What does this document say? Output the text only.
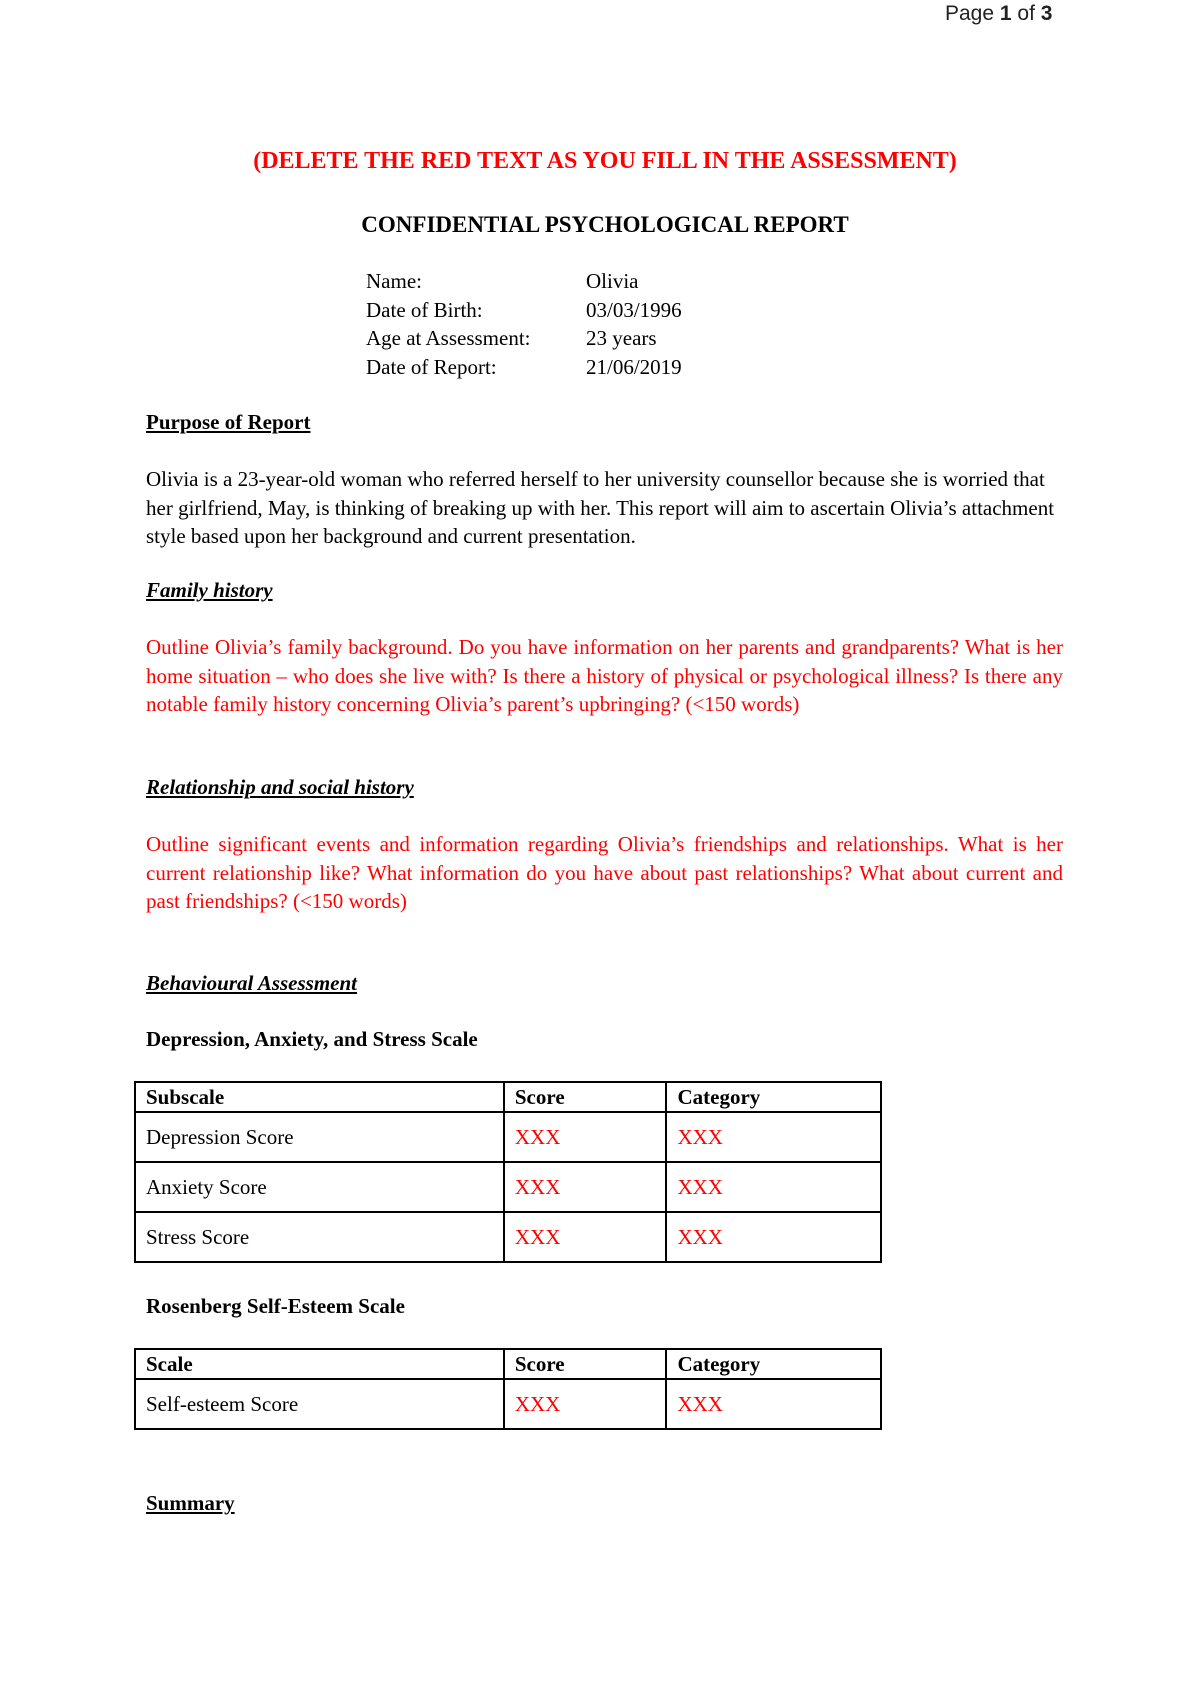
Page 1 of 3
(DELETE THE RED TEXT AS YOU FILL IN THE ASSESSMENT)
CONFIDENTIAL PSYCHOLOGICAL REPORT
Name:	Olivia
Date of Birth:	03/03/1996
Age at Assessment:	23 years
Date of Report:	21/06/2019
Purpose of Report
Olivia is a 23-year-old woman who referred herself to her university counsellor because she is worried that her girlfriend, May, is thinking of breaking up with her. This report will aim to ascertain Olivia’s attachment style based upon her background and current presentation.
Family history
Outline Olivia’s family background. Do you have information on her parents and grandparents? What is her home situation – who does she live with? Is there a history of physical or psychological illness? Is there any notable family history concerning Olivia’s parent’s upbringing? (<150 words)
Relationship and social history
Outline significant events and information regarding Olivia’s friendships and relationships. What is her current relationship like? What information do you have about past relationships? What about current and past friendships? (<150 words)
Behavioural Assessment
Depression, Anxiety, and Stress Scale
Subscale	Score	Category
Depression Score	XXX	XXX
Anxiety Score	XXX	XXX
Stress Score	XXX	XXX
Rosenberg Self-Esteem Scale
Scale	Score	Category
Self-esteem Score	XXX	XXX
Summary
